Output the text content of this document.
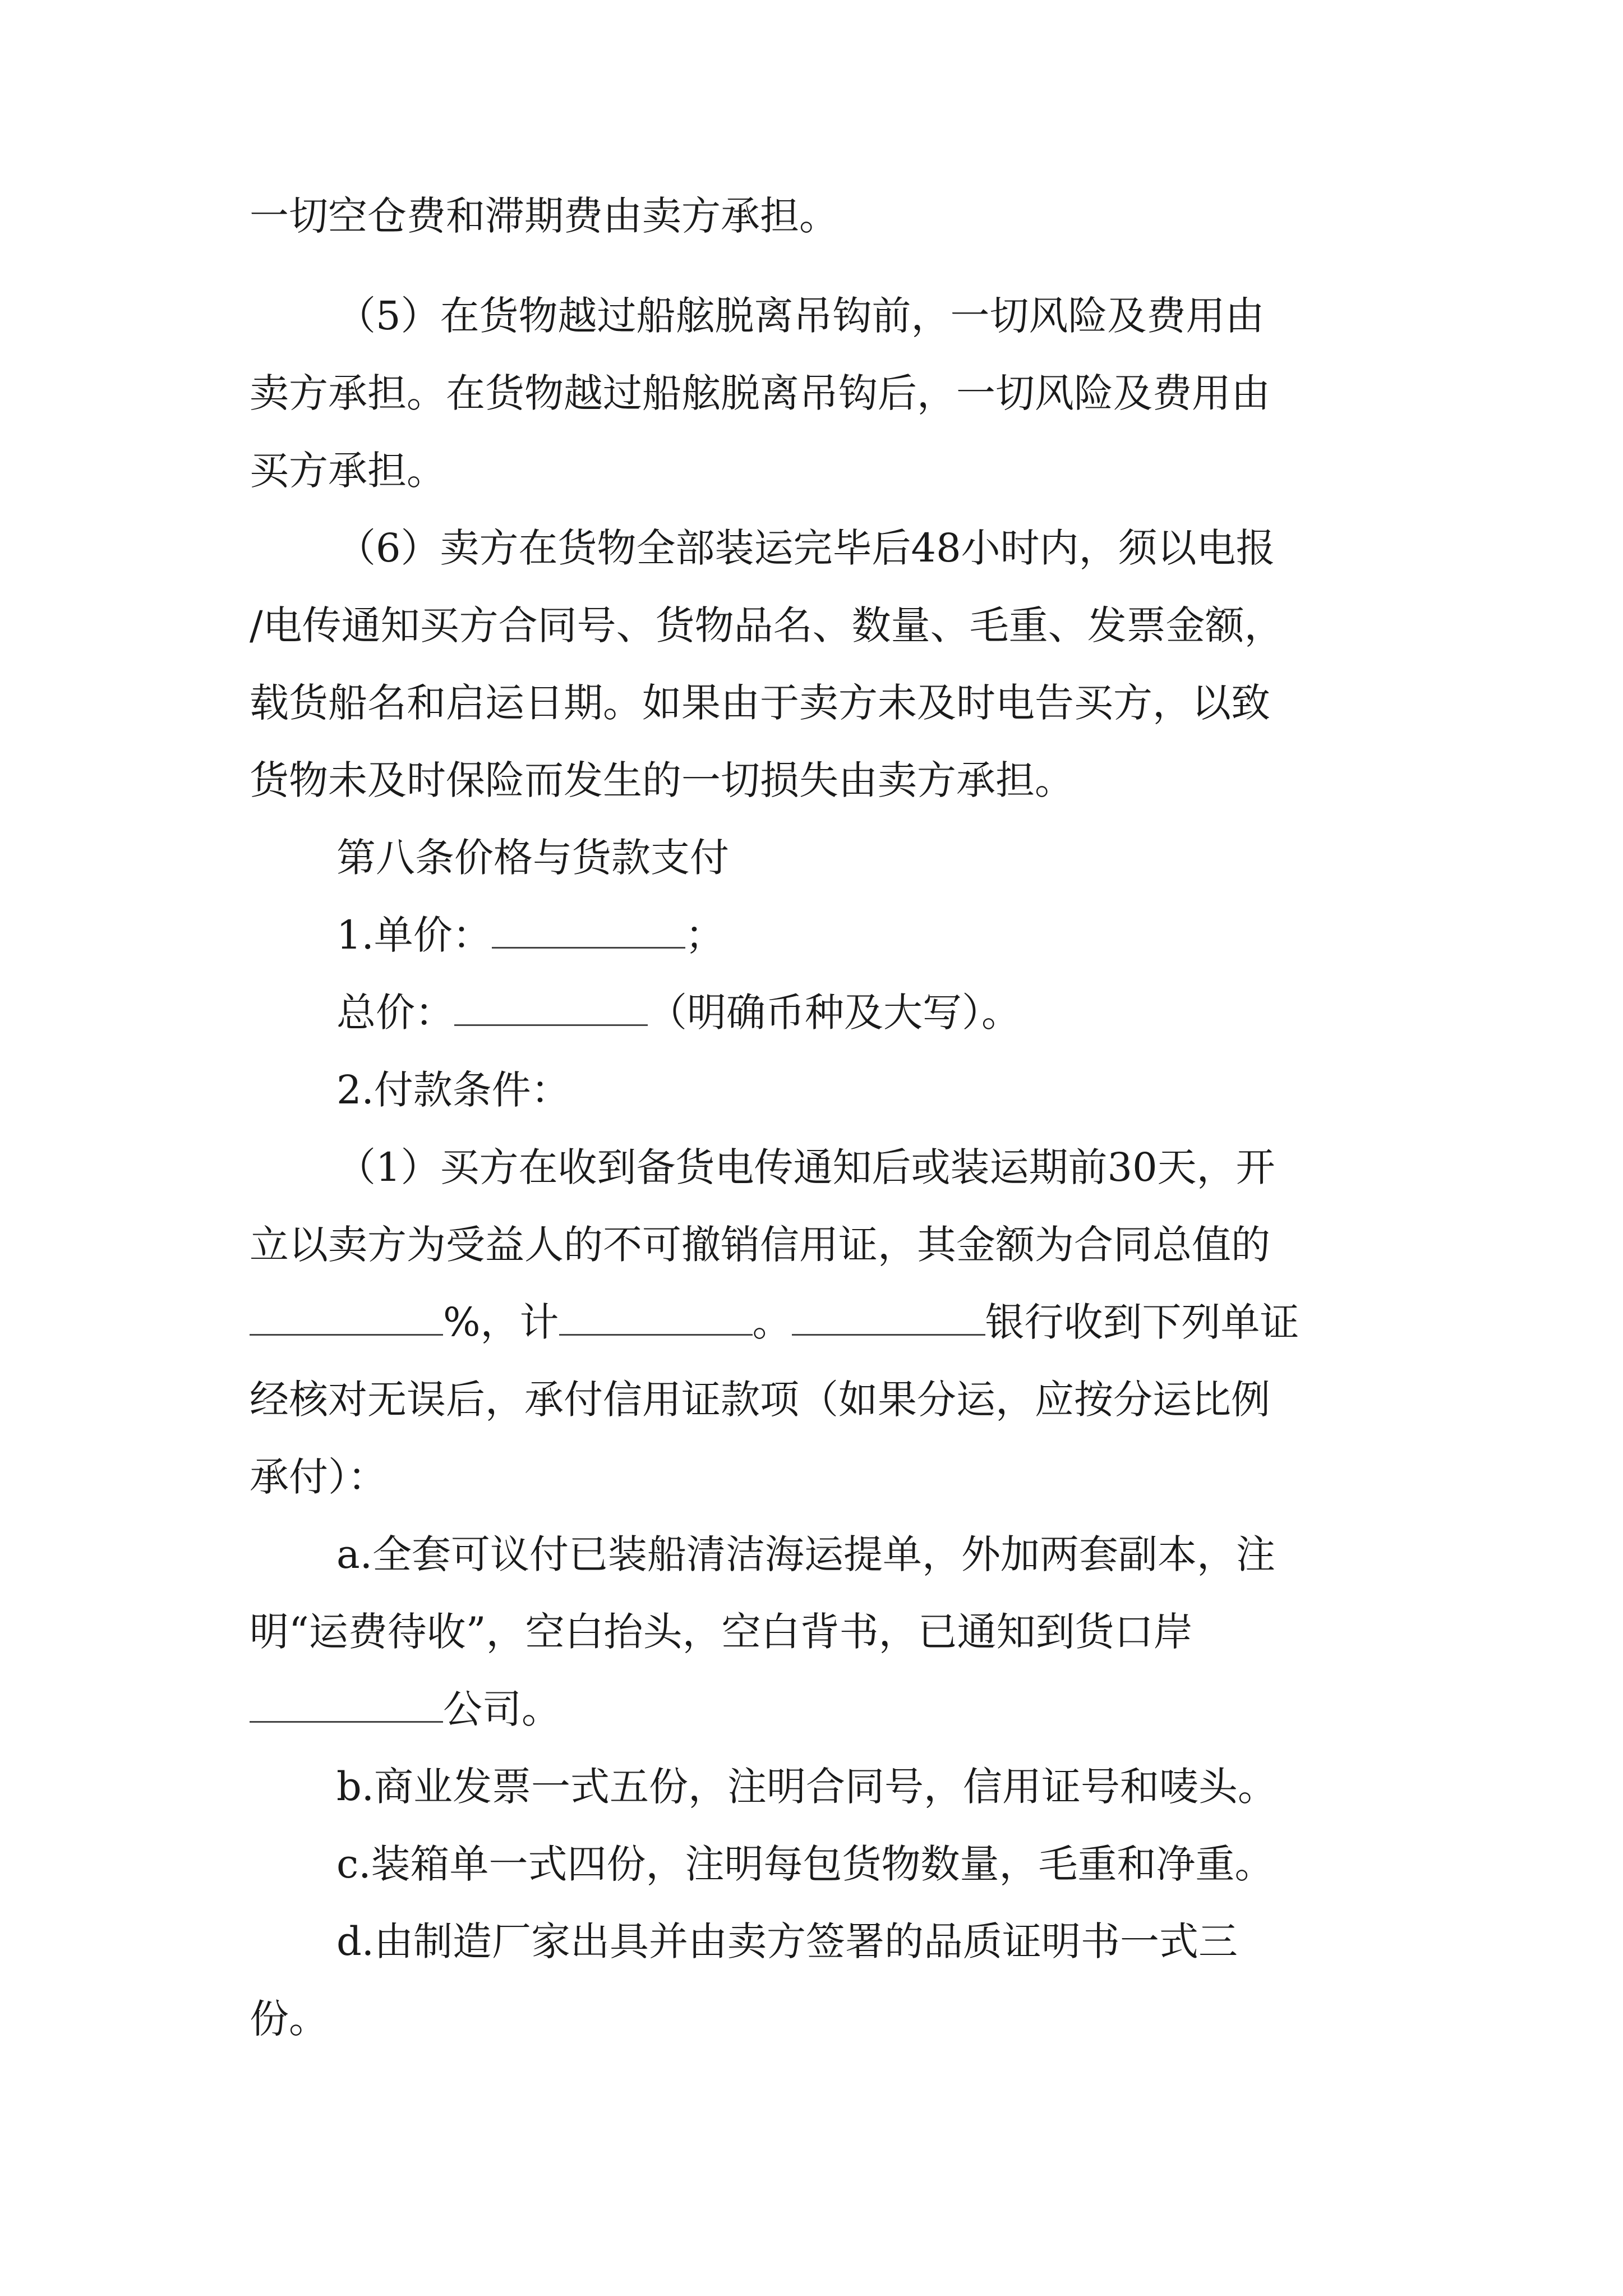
一切空仓费和滞期费由卖方承担。
（5）在货物越过船舷脱离吊钩前，一切风险及费用由
卖方承担。在货物越过船舷脱离吊钩后，一切风险及费用由
买方承担。
（6）卖方在货物全部装运完毕后48小时内，须以电报
/电传通知买方合同号、货物品名、数量、毛重、发票金额，
载货船名和启运日期。如果由于卖方未及时电告买方，以致
货物未及时保险而发生的一切损失由卖方承担。
第八条价格与货款支付
1.单价：	；
总价：	（明确币种及大写）。
2.付款条件：
（1）买方在收到备货电传通知后或装运期前30天，开
立以卖方为受益人的不可撤销信用证，其金额为合同总值的
%，计	。	银行收到下列单证
经核对无误后，承付信用证款项（如果分运，应按分运比例
承付）：
a.全套可议付已装船清洁海运提单，外加两套副本，注
明“运费待收”，空白抬头，空白背书，已通知到货口岸
公司。
b.商业发票一式五份，注明合同号，信用证号和唛头。
c.装箱单一式四份，注明每包货物数量，毛重和净重。
d.由制造厂家出具并由卖方签署的品质证明书一式三
份。
